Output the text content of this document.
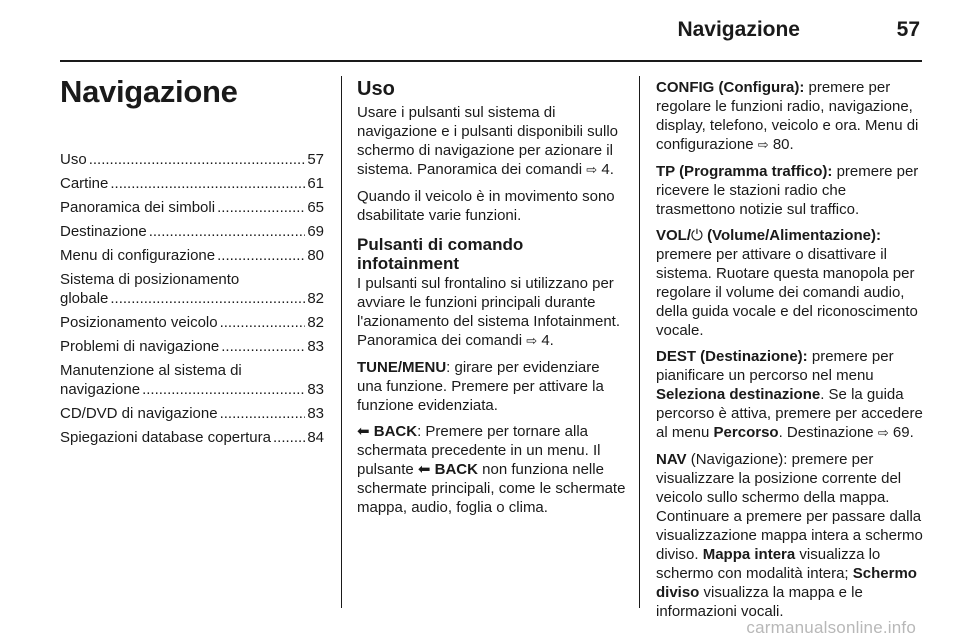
Navigazione	57
Navigazione
Uso .....	57
Cartine .....	61
Panoramica dei simboli .....	65
Destinazione .....	69
Menu di configurazione .....	80
Sistema di posizionamento
globale .....	82
Posizionamento veicolo .....	82
Problemi di navigazione .....	83
Manutenzione al sistema di
navigazione .....	83
CD/DVD di navigazione .....	83
Spiegazioni database copertura ..... 84
Uso

Usare i pulsanti sul sistema di navigazione e i pulsanti disponibili sullo schermo di navigazione per azionare il sistema. Panoramica dei comandi ⇨ 4.

Quando il veicolo è in movimento sono dsabilitate varie funzioni.

Pulsanti di comando infotainment

I pulsanti sul frontalino si utilizzano per avviare le funzioni principali durante l'azionamento del sistema Infotainment. Panoramica dei comandi ⇨ 4.

TUNE/MENU: girare per evidenziare una funzione. Premere per attivare la funzione evidenziata.

⬅ BACK: Premere per tornare alla schermata precedente in un menu. Il pulsante ⬅ BACK non funziona nelle schermate principali, come le schermate mappa, audio, foglia o clima.

CONFIG (Configura): premere per regolare le funzioni radio, navigazione, display, telefono, veicolo e ora. Menu di configurazione ⇨ 80.

TP (Programma traffico): premere per ricevere le stazioni radio che trasmettono notizie sul traffico.

VOL/⏻ (Volume/Alimentazione): premere per attivare o disattivare il sistema. Ruotare questa manopola per regolare il volume dei comandi audio, della guida vocale e del riconoscimento vocale.

DEST (Destinazione): premere per pianificare un percorso nel menu Seleziona destinazione. Se la guida percorso è attiva, premere per accedere al menu Percorso. Destinazione ⇨ 69.

NAV (Navigazione): premere per visualizzare la posizione corrente del veicolo sullo schermo della mappa. Continuare a premere per passare dalla visualizzazione mappa intera a schermo diviso. Mappa intera visualizza lo schermo con modalità intera; Schermo diviso visualizza la mappa e le informazioni vocali.

carmanualsonline.info
